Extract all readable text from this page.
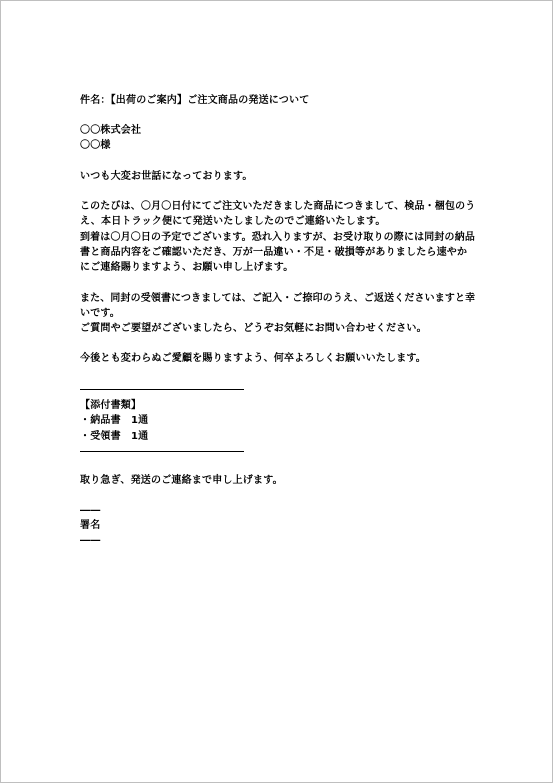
件名：【出荷のご案内】ご注文商品の発送について
〇〇株式会社
〇〇様
いつも大変お世話になっております。
このたびは、〇月〇日付にてご注文いただきました商品につきまして、検品・梱包のう
え、本日トラック便にて発送いたしましたのでご連絡いたします。
到着は〇月〇日の予定でございます。恐れ入りますが、お受け取りの際には同封の納品
書と商品内容をご確認いただき、万が一品違い・不足・破損等がありましたら速やか
にご連絡賜りますよう、お願い申し上げます。
また、同封の受領書につきましては、ご記入・ご捺印のうえ、ご返送くださいますと幸
いです。
ご質問やご要望がございましたら、どうぞお気軽にお問い合わせください。
今後とも変わらぬご愛顧を賜りますよう、何卒よろしくお願いいたします。
【添付書類】
・納品書　1通
・受領書　1通
取り急ぎ、発送のご連絡まで申し上げます。
――
署名
――
